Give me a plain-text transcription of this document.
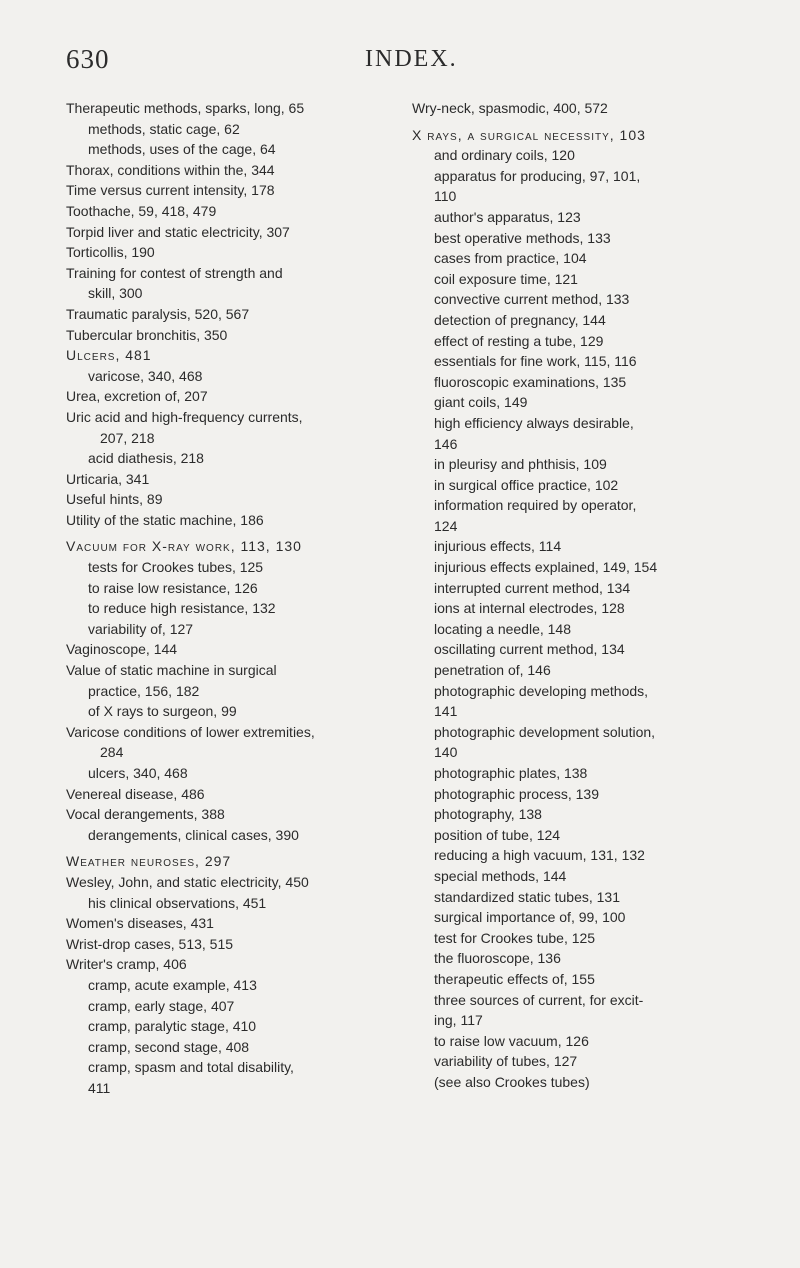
630	INDEX.
Therapeutic methods, sparks, long, 65
methods, static cage, 62
methods, uses of the cage, 64
Thorax, conditions within the, 344
Time versus current intensity, 178
Toothache, 59, 418, 479
Torpid liver and static electricity, 307
Torticollis, 190
Training for contest of strength and
skill, 300
Traumatic paralysis, 520, 567
Tubercular bronchitis, 350
Ulcers, 481
varicose, 340, 468
Urea, excretion of, 207
Uric acid and high-frequency currents,
207, 218
acid diathesis, 218
Urticaria, 341
Useful hints, 89
Utility of the static machine, 186
Vacuum for X-ray work, 113, 130
tests for Crookes tubes, 125
to raise low resistance, 126
to reduce high resistance, 132
variability of, 127
Vaginoscope, 144
Value of static machine in surgical
practice, 156, 182
of X rays to surgeon, 99
Varicose conditions of lower extremities,
284
ulcers, 340, 468
Venereal disease, 486
Vocal derangements, 388
derangements, clinical cases, 390
Weather neuroses, 297
Wesley, John, and static electricity, 450
his clinical observations, 451
Women's diseases, 431
Wrist-drop cases, 513, 515
Writer's cramp, 406
cramp, acute example, 413
cramp, early stage, 407
cramp, paralytic stage, 410
cramp, second stage, 408
cramp, spasm and total disability,
411
Wry-neck, spasmodic, 400, 572
X rays, a surgical necessity, 103
and ordinary coils, 120
apparatus for producing, 97, 101,
110
author's apparatus, 123
best operative methods, 133
cases from practice, 104
coil exposure time, 121
convective current method, 133
detection of pregnancy, 144
effect of resting a tube, 129
essentials for fine work, 115, 116
fluoroscopic examinations, 135
giant coils, 149
high efficiency always desirable,
146
in pleurisy and phthisis, 109
in surgical office practice, 102
information required by operator,
124
injurious effects, 114
injurious effects explained, 149, 154
interrupted current method, 134
ions at internal electrodes, 128
locating a needle, 148
oscillating current method, 134
penetration of, 146
photographic developing methods,
141
photographic development solution,
140
photographic plates, 138
photographic process, 139
photography, 138
position of tube, 124
reducing a high vacuum, 131, 132
special methods, 144
standardized static tubes, 131
surgical importance of, 99, 100
test for Crookes tube, 125
the fluoroscope, 136
therapeutic effects of, 155
three sources of current, for excit-
ing, 117
to raise low vacuum, 126
variability of tubes, 127
(see also Crookes tubes)
